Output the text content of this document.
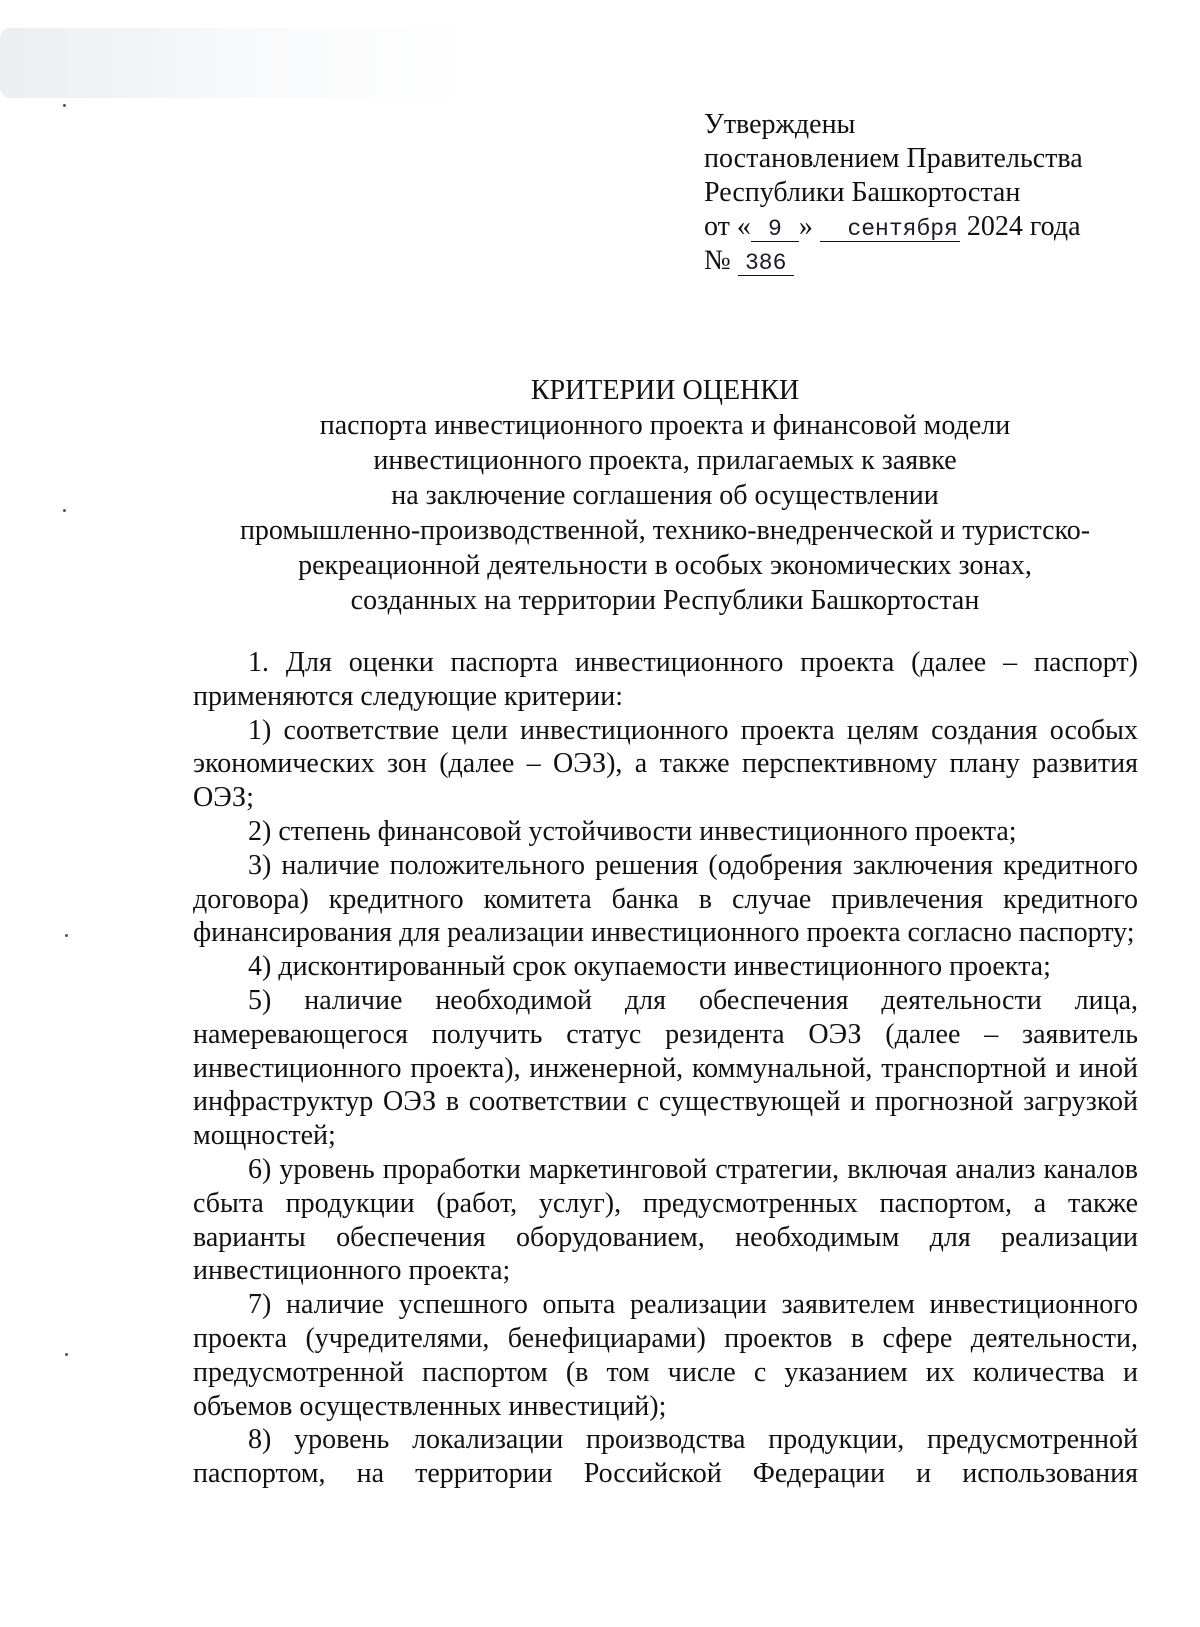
Утверждены
постановлением Правительства
Республики Башкортостан
от « 9 » сентября 2024 года
№ 386
КРИТЕРИИ ОЦЕНКИ
паспорта инвестиционного проекта и финансовой модели
инвестиционного проекта, прилагаемых к заявке
на заключение соглашения об осуществлении
промышленно-производственной, технико-внедренческой и туристско-
рекреационной деятельности в особых экономических зонах,
созданных на территории Республики Башкортостан

1. Для оценки паспорта инвестиционного проекта (далее – паспорт) применяются следующие критерии:

1) соответствие цели инвестиционного проекта целям создания особых экономических зон (далее – ОЭЗ), а также перспективному плану развития ОЭЗ;

2) степень финансовой устойчивости инвестиционного проекта;

3) наличие положительного решения (одобрения заключения кредитного договора) кредитного комитета банка в случае привлечения кредитного финансирования для реализации инвестиционного проекта согласно паспорту;

4) дисконтированный срок окупаемости инвестиционного проекта;

5) наличие необходимой для обеспечения деятельности лица, намеревающегося получить статус резидента ОЭЗ (далее – заявитель инвестиционного проекта), инженерной, коммунальной, транспортной и иной инфраструктур ОЭЗ в соответствии с существующей и прогнозной загрузкой мощностей;

6) уровень проработки маркетинговой стратегии, включая анализ каналов сбыта продукции (работ, услуг), предусмотренных паспортом, а также варианты обеспечения оборудованием, необходимым для реализации инвестиционного проекта;

7) наличие успешного опыта реализации заявителем инвестиционного проекта (учредителями, бенефициарами) проектов в сфере деятельности, предусмотренной паспортом (в том числе с указанием их количества и объемов осуществленных инвестиций);

8) уровень локализации производства продукции, предусмотренной паспортом, на территории Российской Федерации и использования
